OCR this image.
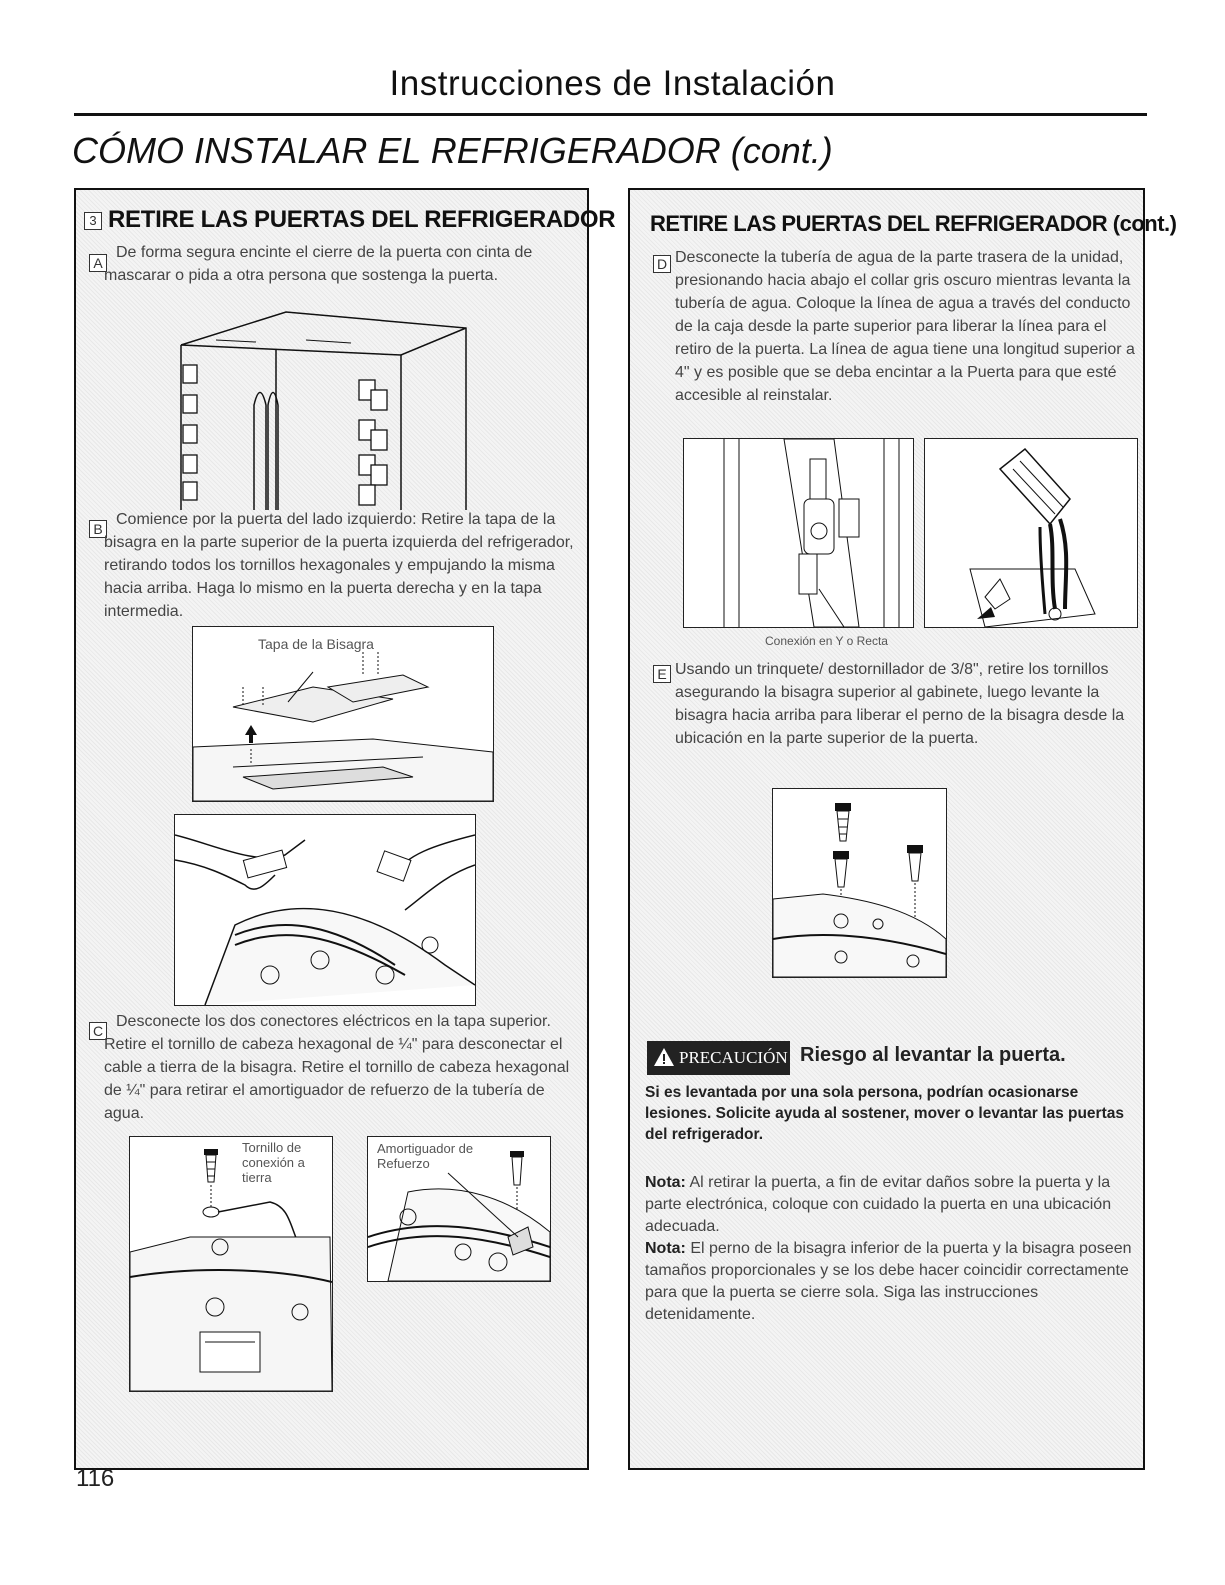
Instrucciones de Instalación
CÓMO INSTALAR EL REFRIGERADOR (cont.)
3 RETIRE LAS PUERTAS DEL REFRIGERADOR
A

De forma segura encinte el cierre de la puerta con cinta de mascarar o pida a otra persona que sostenga la puerta.

B

Comience por la puerta del lado izquierdo: Retire la tapa de la bisagra en la parte superior de la puerta izquierda del refrigerador, retirando todos los tornillos hexagonales y empujando la misma hacia arriba. Haga lo mismo en la puerta derecha y en la tapa intermedia.

Tapa de la Bisagra
C

Desconecte los dos conectores eléctricos en la tapa superior. Retire el tornillo de cabeza hexagonal de ¼" para desconectar el cable a tierra de la bisagra. Retire el tornillo de cabeza hexagonal de ¼" para retirar el amortiguador de refuerzo de la tubería de agua.

Tornillo de conexión a tierra
Amortiguador de Refuerzo
RETIRE LAS PUERTAS DEL REFRIGERADOR (cont.)
D Desconecte la tubería de agua de la parte trasera de la unidad, presionando hacia abajo el collar gris oscuro mientras levanta la tubería de agua. Coloque la línea de agua a través del conducto de la caja desde la parte superior para liberar la línea para el retiro de la puerta. La línea de agua tiene una longitud superior a 4" y es posible que se deba encintar a la Puerta para que esté accesible al reinstalar.

Conexión en Y o Recta
E Usando un trinquete/ destornillador de 3/8", retire los tornillos asegurando la bisagra superior al gabinete, luego levante la bisagra hacia arriba para liberar el perno de la bisagra desde la ubicación en la parte superior de la puerta.

PRECAUCIÓN Riesgo al levantar la puerta.

Si es levantada por una sola persona, podrían ocasionarse lesiones. Solicite ayuda al sostener, mover o levantar las puertas del refrigerador.

Nota: Al retirar la puerta, a fin de evitar daños sobre la puerta y la parte electrónica, coloque con cuidado la puerta en una ubicación adecuada.

Nota: El perno de la bisagra inferior de la puerta y la bisagra poseen tamaños proporcionales y se los debe hacer coincidir correctamente para que la puerta se cierre sola. Siga las instrucciones detenidamente.

116
